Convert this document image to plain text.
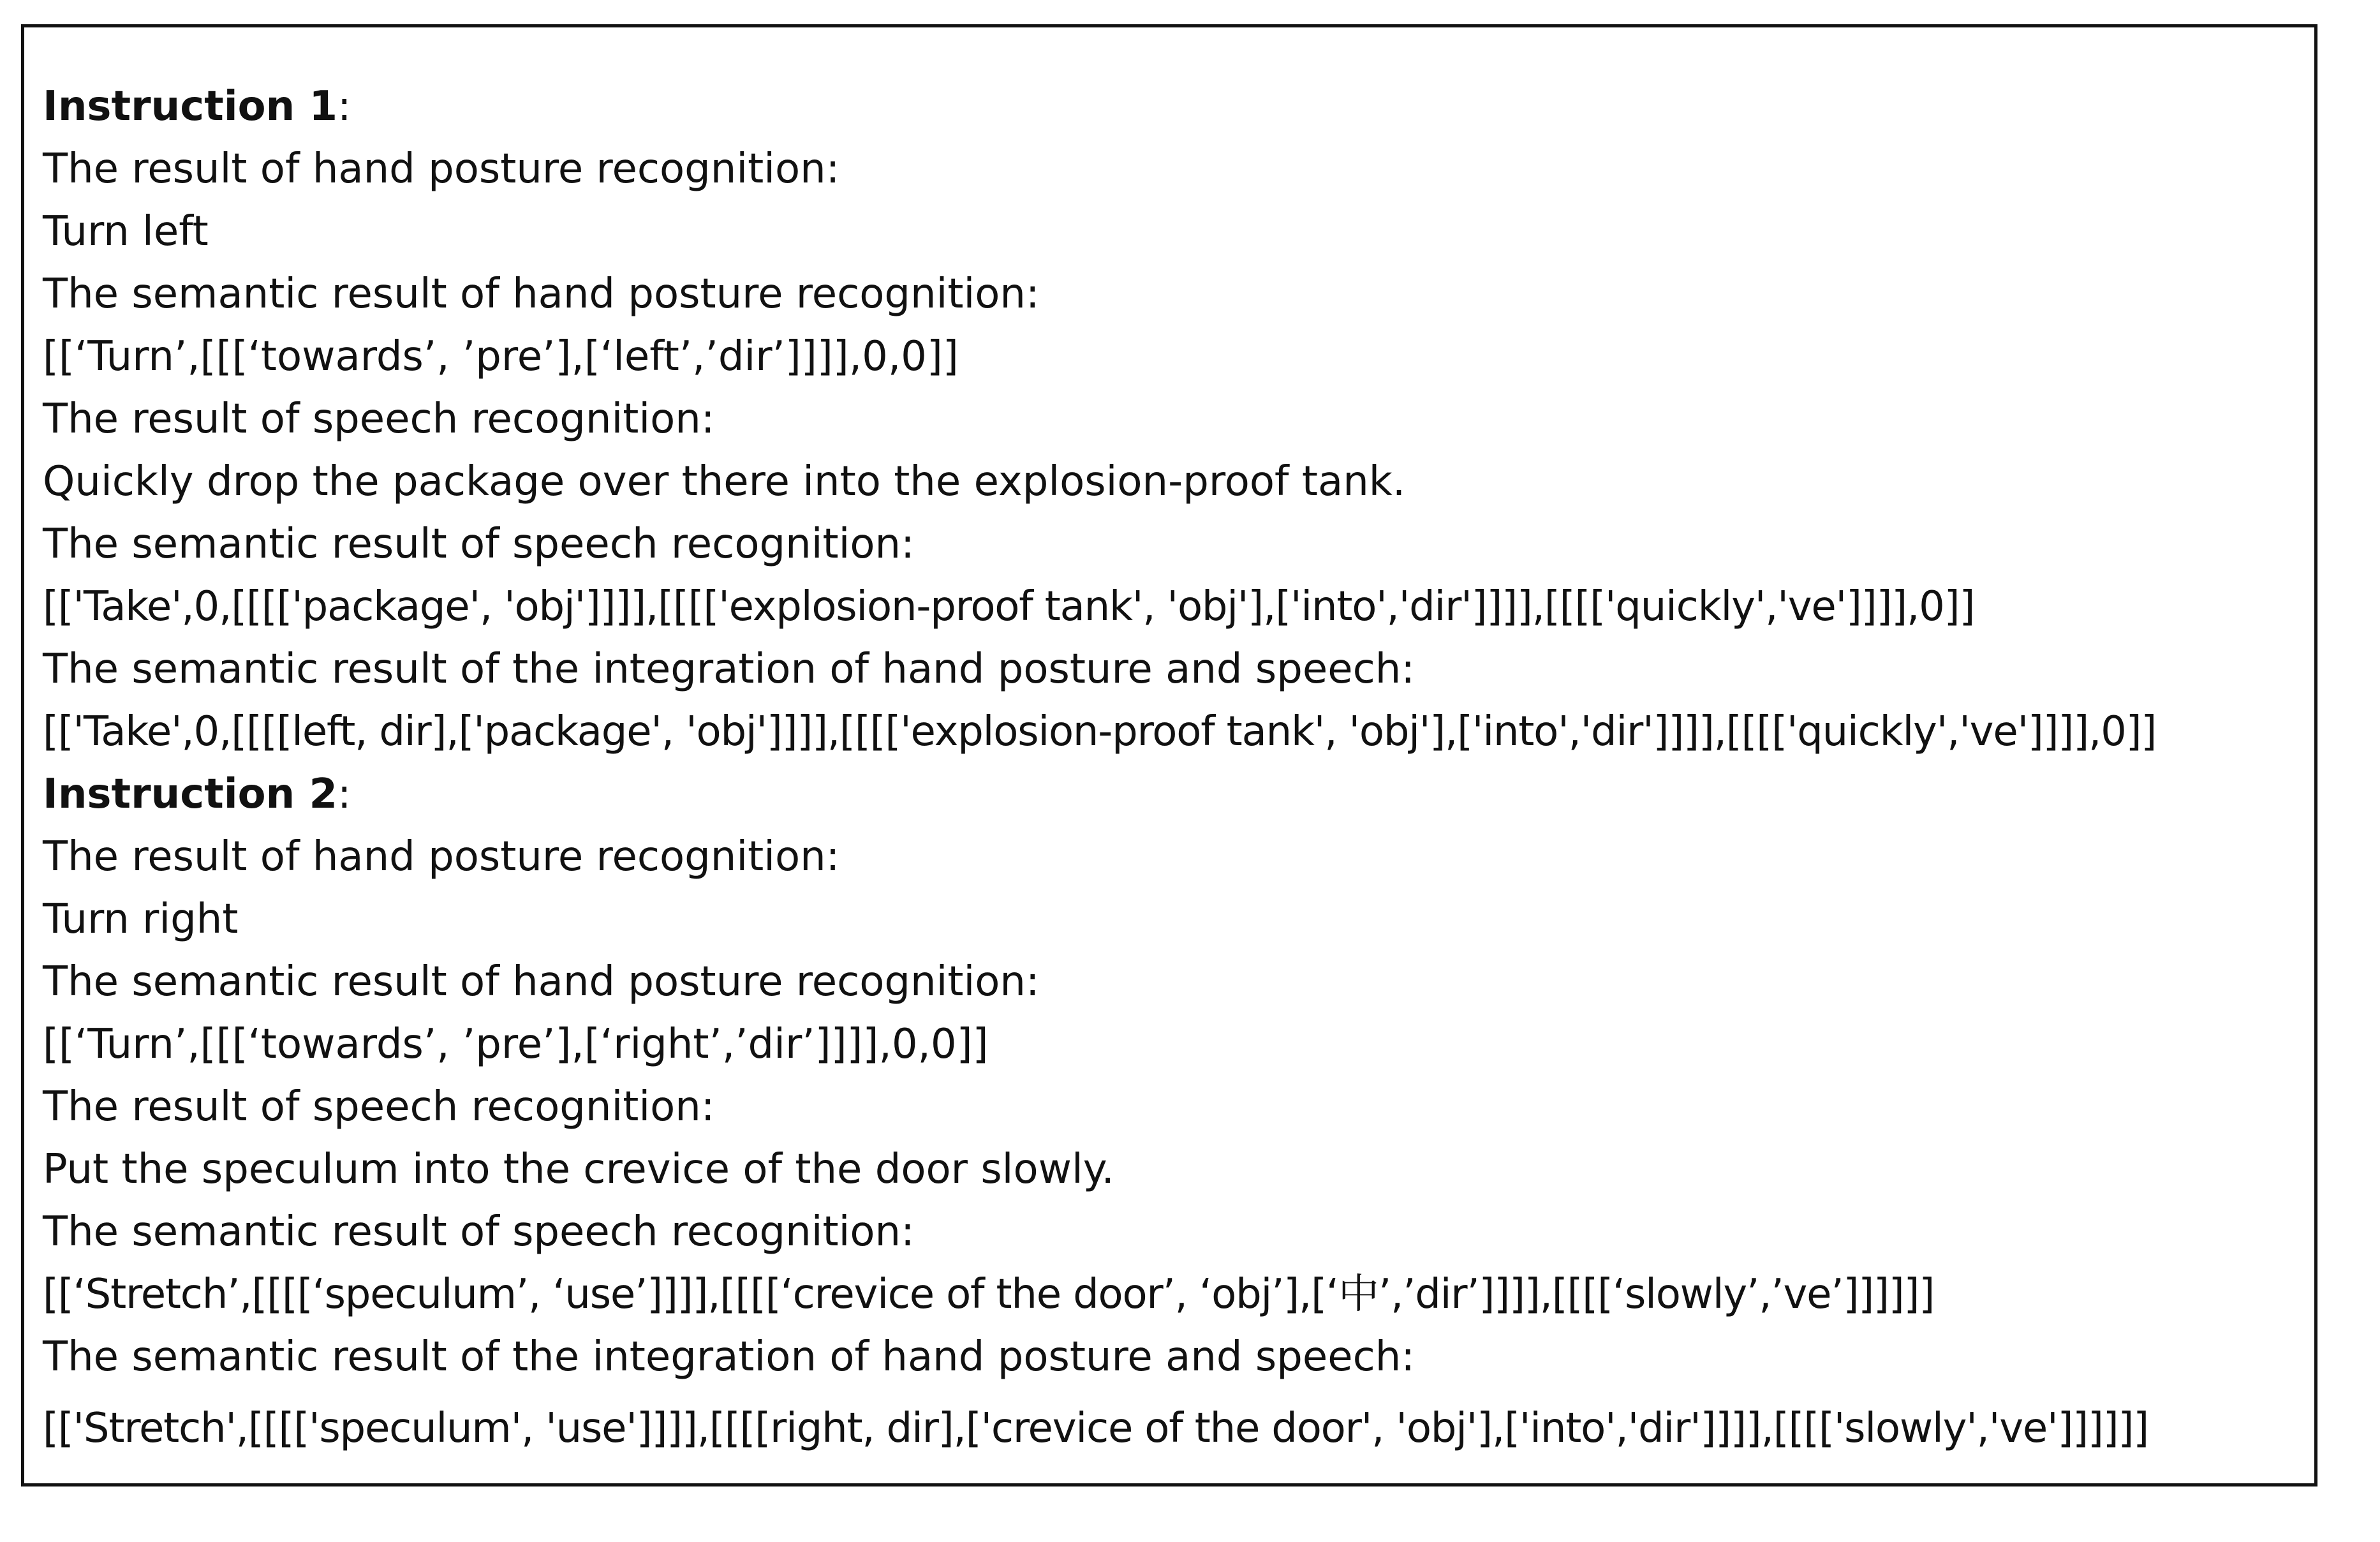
Instruction 1:
The result of hand posture recognition:
Turn left
The semantic result of hand posture recognition:
[[‘Turn’,[[[‘towards’, ’pre’],[‘left’,’dir’]]]],0,0]]
The result of speech recognition:
Quickly drop the package over there into the explosion-proof tank.
The semantic result of speech recognition:
[['Take',0,[[[['package', 'obj']]]],[[[['explosion-proof tank', 'obj'],['into','dir']]]],[[[['quickly','ve']]]],0]]
The semantic result of the integration of hand posture and speech:
[['Take',0,[[[[left, dir],['package', 'obj']]]],[[[['explosion-proof tank', 'obj'],['into','dir']]]],[[[['quickly','ve']]]],0]]
Instruction 2:
The result of hand posture recognition:
Turn right
The semantic result of hand posture recognition:
[[‘Turn’,[[[‘towards’, ’pre’],[‘right’,’dir’]]]],0,0]]
The result of speech recognition:
Put the speculum into the crevice of the door slowly.
The semantic result of speech recognition:
[[‘Stretch’,[[[[‘speculum’, ‘use’]]]],[[[[‘crevice of the door’, ‘obj’],[‘中’,’dir’]]]],[[[[‘slowly’,’ve’]]]]]]
The semantic result of the integration of hand posture and speech:
[['Stretch',[[[['speculum', 'use']]]],[[[[right, dir],['crevice of the door', 'obj'],['into','dir']]]],[[[['slowly','ve']]]]]]
